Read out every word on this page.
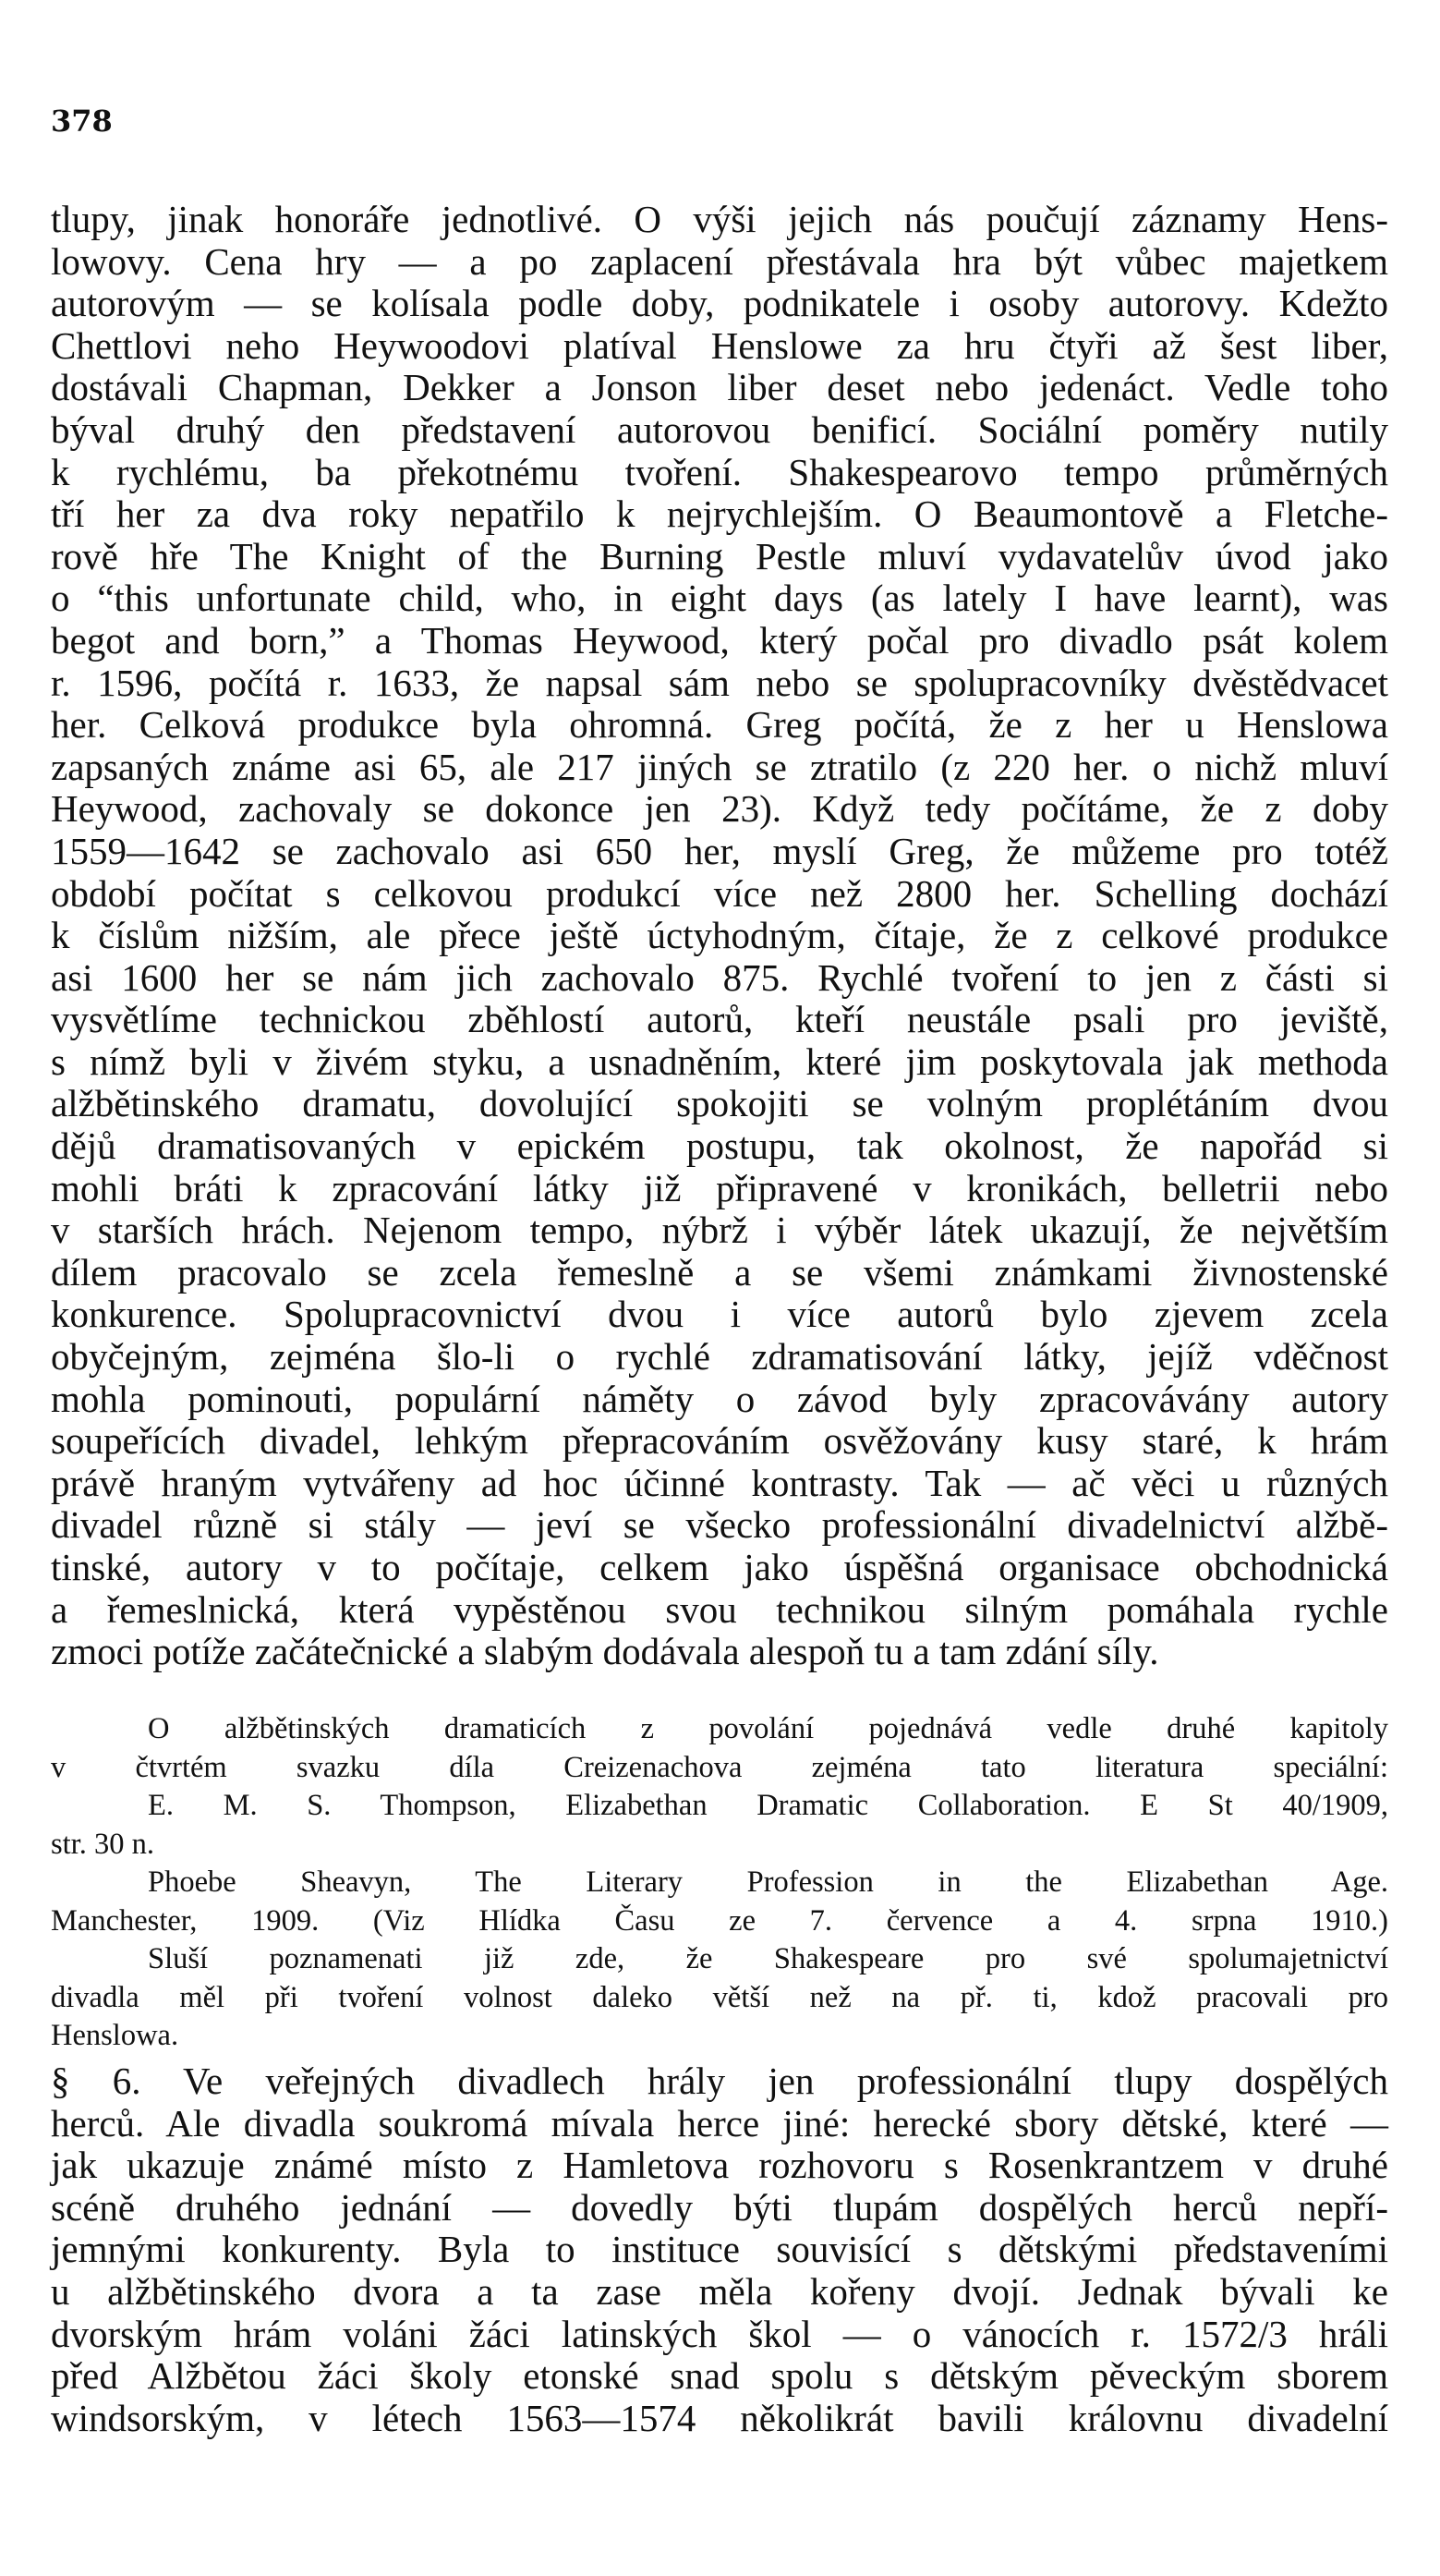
378
tlupy, jinak honoráře jednotlivé. O výši jejich nás poučují záznamy Hens-
lowovy. Cena hry — a po zaplacení přestávala hra být vůbec majetkem
autorovým — se kolísala podle doby, podnikatele i osoby autorovy. Kdežto
Chettlovi neho Heywoodovi platíval Henslowe za hru čtyři až šest liber,
dostávali Chapman, Dekker a Jonson liber deset nebo jedenáct. Vedle toho
býval druhý den představení autorovou benificí. Sociální poměry nutily
k rychlému, ba překotnému tvoření. Shakespearovo tempo průměrných
tří her za dva roky nepatřilo k nejrychlejším. O Beaumontově a Fletche-
rově hře The Knight of the Burning Pestle mluví vydavatelův úvod jako
o “this unfortunate child, who, in eight days (as lately I have learnt), was
begot and born,” a Thomas Heywood, který počal pro divadlo psát kolem
r. 1596, počítá r. 1633, že napsal sám nebo se spolupracovníky dvěstědvacet
her. Celková produkce byla ohromná. Greg počítá, že z her u Henslowa
zapsaných známe asi 65, ale 217 jiných se ztratilo (z 220 her. o nichž mluví
Heywood, zachovaly se dokonce jen 23). Když tedy počítáme, že z doby
1559—1642 se zachovalo asi 650 her, myslí Greg, že můžeme pro totéž
období počítat s celkovou produkcí více než 2800 her. Schelling dochází
k číslům nižším, ale přece ještě úctyhodným, čítaje, že z celkové produkce
asi 1600 her se nám jich zachovalo 875. Rychlé tvoření to jen z části si
vysvětlíme technickou zběhlostí autorů, kteří neustále psali pro jeviště,
s nímž byli v živém styku, a usnadněním, které jim poskytovala jak methoda
alžbětinského dramatu, dovolující spokojiti se volným proplétáním dvou
dějů dramatisovaných v epickém postupu, tak okolnost, že napořád si
mohli bráti k zpracování látky již připravené v kronikách, belletrii nebo
v starších hrách. Nejenom tempo, nýbrž i výběr látek ukazují, že největším
dílem pracovalo se zcela řemeslně a se všemi známkami živnostenské
konkurence. Spolupracovnictví dvou i více autorů bylo zjevem zcela
obyčejným, zejména šlo-li o rychlé zdramatisování látky, jejíž vděčnost
mohla pominouti, populární náměty o závod byly zpracovávány autory
soupeřících divadel, lehkým přepracováním osvěžovány kusy staré, k hrám
právě hraným vytvářeny ad hoc účinné kontrasty. Tak — ač věci u různých
divadel různě si stály — jeví se všecko professionální divadelnictví alžbě-
tinské, autory v to počítaje, celkem jako úspěšná organisace obchodnická
a řemeslnická, která vypěstěnou svou technikou silným pomáhala rychle
zmoci potíže začátečnické a slabým dodávala alespoň tu a tam zdání síly.
O alžbětinských dramaticích z povolání pojednává vedle druhé kapitoly
v čtvrtém svazku díla Creizenachova zejména tato literatura speciální:
E. M. S. Thompson, Elizabethan Dramatic Collaboration. E St 40/1909,
str. 30 n.
Phoebe Sheavyn, The Literary Profession in the Elizabethan Age.
Manchester, 1909. (Viz Hlídka Času ze 7. července a 4. srpna 1910.)
Sluší poznamenati již zde, že Shakespeare pro své spolumajetnictví
divadla měl při tvoření volnost daleko větší než na př. ti, kdož pracovali pro
Henslowa.
§ 6. Ve veřejných divadlech hrály jen professionální tlupy dospělých
herců. Ale divadla soukromá mívala herce jiné: herecké sbory dětské, které —
jak ukazuje známé místo z Hamletova rozhovoru s Rosenkrantzem v druhé
scéně druhého jednání — dovedly býti tlupám dospělých herců nepří-
jemnými konkurenty. Byla to instituce souvisící s dětskými představeními
u alžbětinského dvora a ta zase měla kořeny dvojí. Jednak bývali ke
dvorským hrám voláni žáci latinských škol — o vánocích r. 1572/3 hráli
před Alžbětou žáci školy etonské snad spolu s dětským pěveckým sborem
windsorským, v létech 1563—1574 několikrát bavili královnu divadelní
